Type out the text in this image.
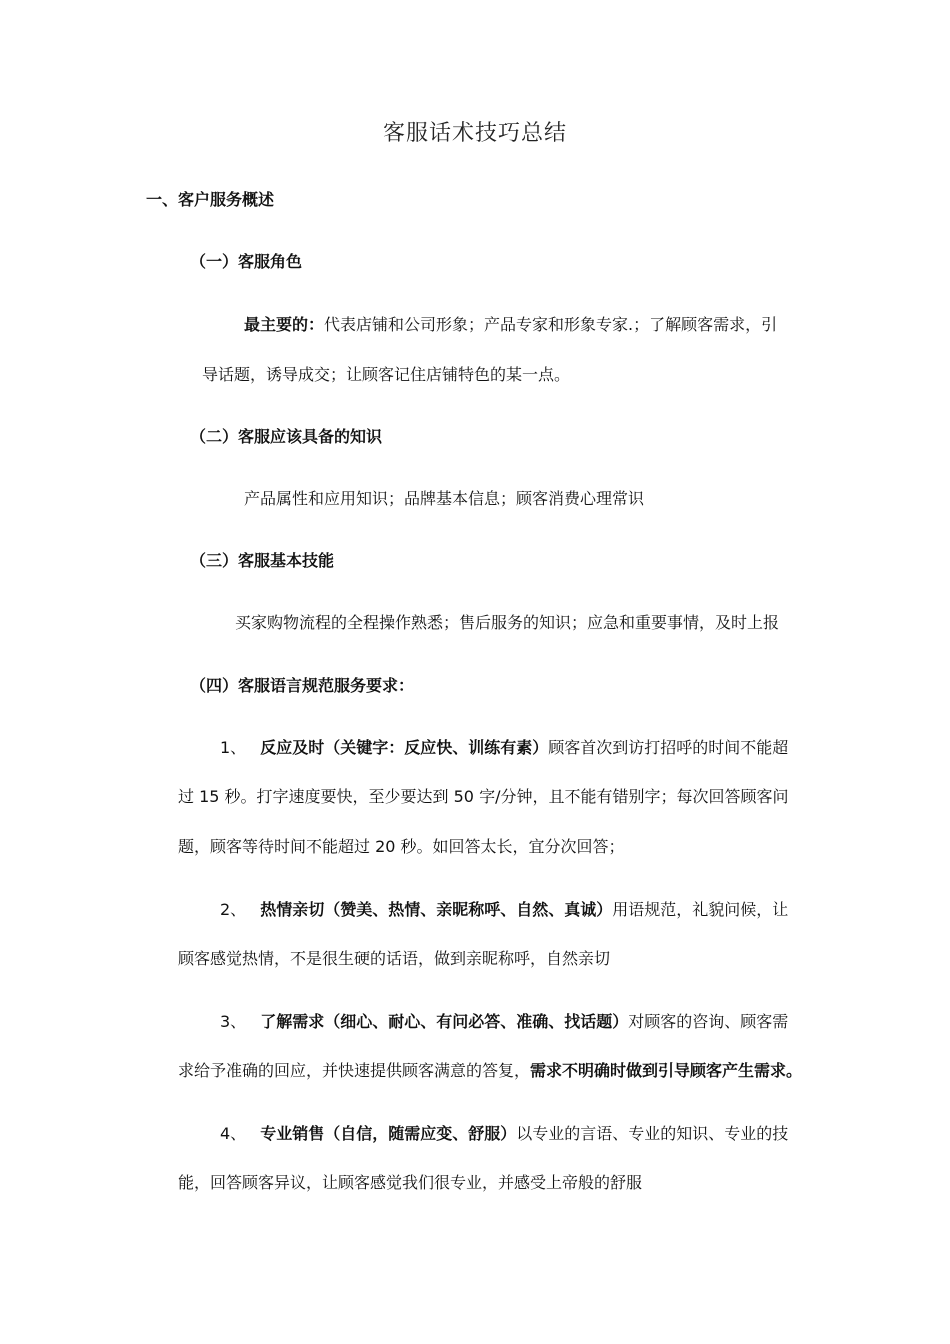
客服话术技巧总结
一、客户服务概述
（一）客服角色
最主要的：代表店铺和公司形象；产品专家和形象专家.；了解顾客需求，引
导话题，诱导成交；让顾客记住店铺特色的某一点。
（二）客服应该具备的知识
产品属性和应用知识；品牌基本信息；顾客消费心理常识
（三）客服基本技能
买家购物流程的全程操作熟悉；售后服务的知识；应急和重要事情，及时上报
（四）客服语言规范服务要求：
1、 反应及时（关键字：反应快、训练有素）顾客首次到访打招呼的时间不能超
过 15 秒。打字速度要快，至少要达到 50 字/分钟，且不能有错别字；每次回答顾客问
题，顾客等待时间不能超过 20 秒。如回答太长，宜分次回答；
2、 热情亲切（赞美、热情、亲昵称呼、自然、真诚）用语规范，礼貌问候，让
顾客感觉热情，不是很生硬的话语，做到亲昵称呼，自然亲切
3、 了解需求（细心、耐心、有问必答、准确、找话题）对顾客的咨询、顾客需
求给予准确的回应，并快速提供顾客满意的答复，需求不明确时做到引导顾客产生需求。
4、 专业销售（自信，随需应变、舒服）以专业的言语、专业的知识、专业的技
能，回答顾客异议，让顾客感觉我们很专业，并感受上帝般的舒服
